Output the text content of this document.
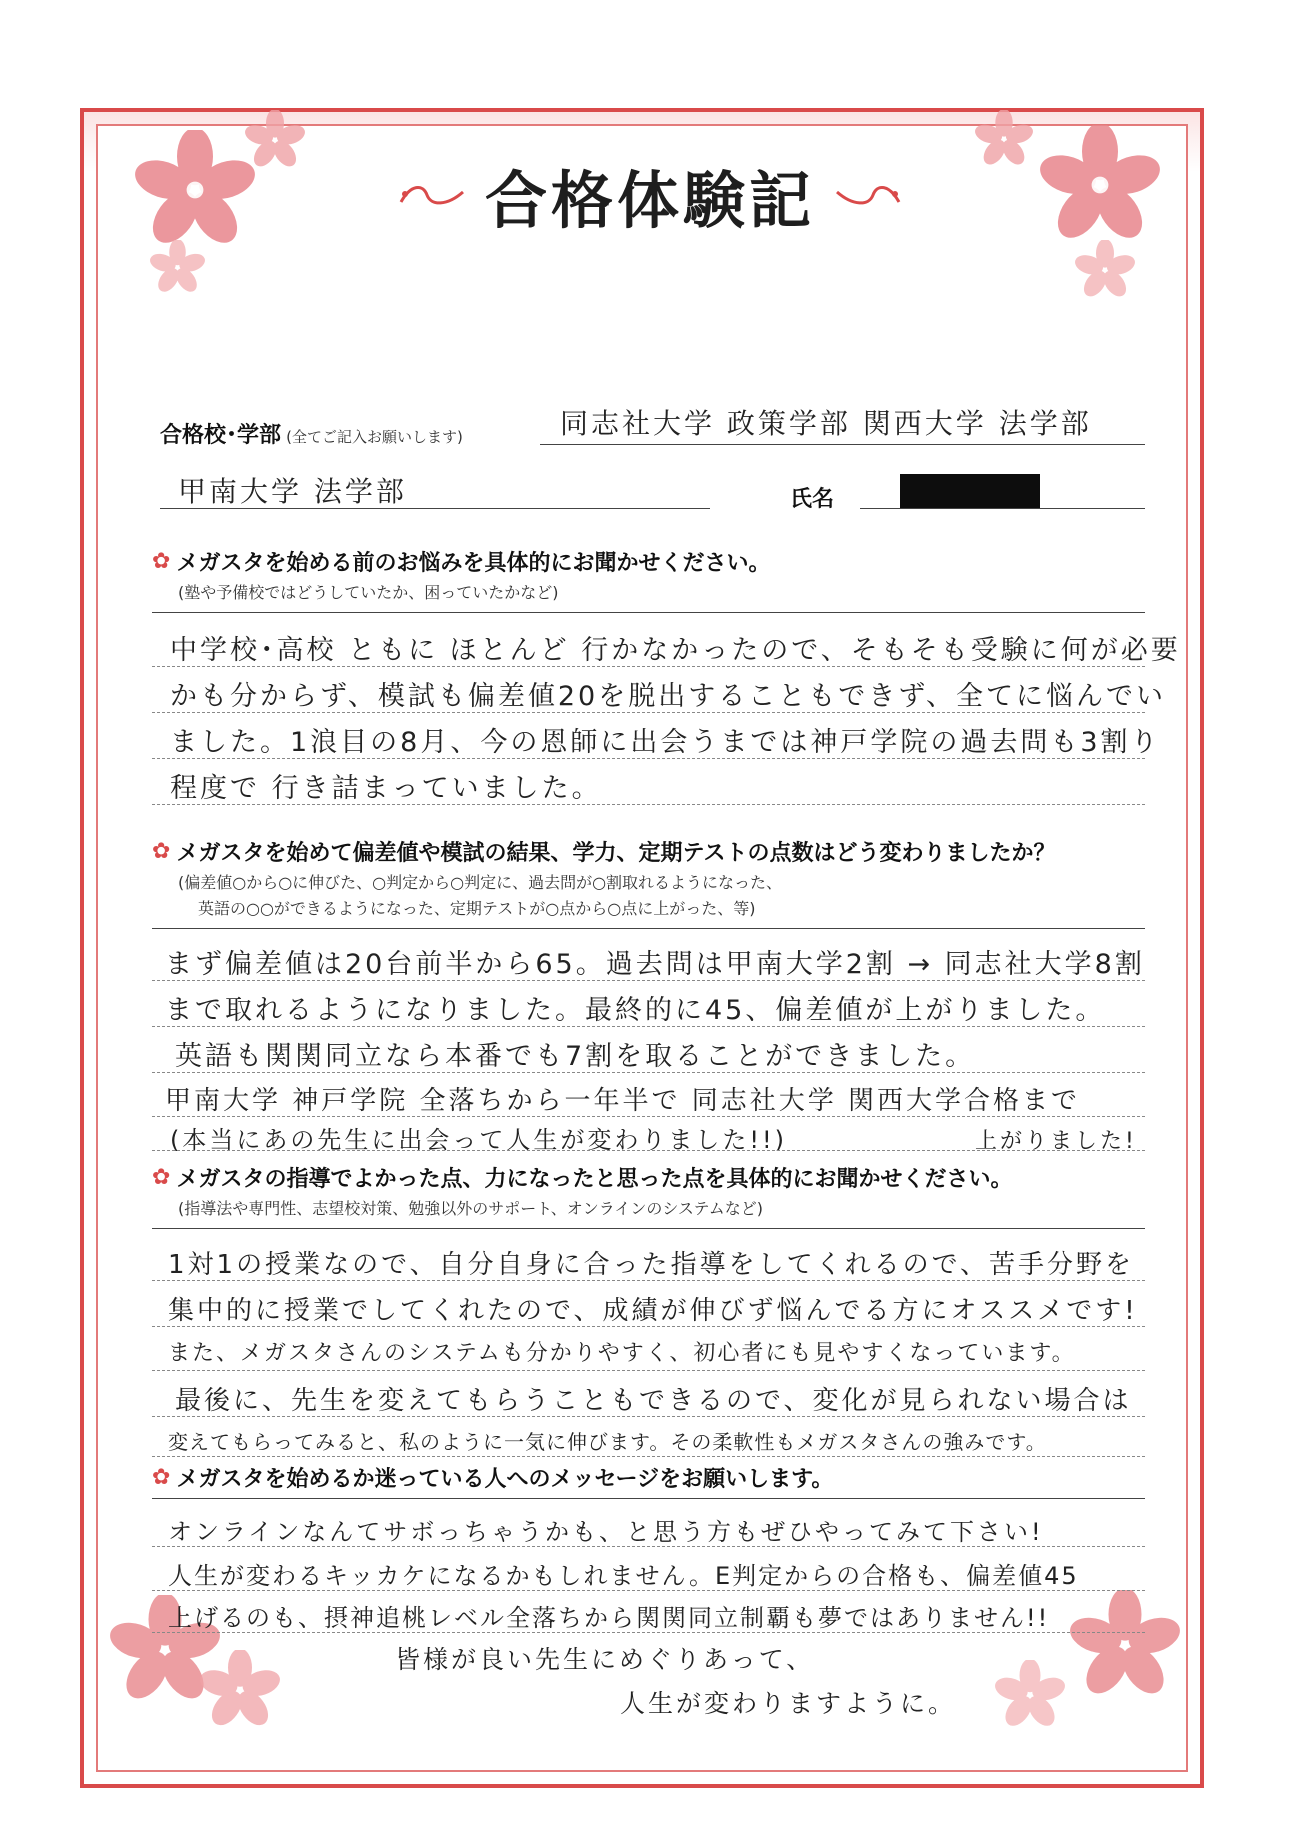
合格体験記
合格校･学部 (全てご記入お願いします)	同志社大学 政策学部 関西大学 法学部
甲南大学 法学部	氏名
✿ メガスタを始める前のお悩みを具体的にお聞かせください。
(塾や予備校ではどうしていたか、困っていたかなど)
中学校･高校 ともに ほとんど 行かなかったので、そもそも受験に何が必要
かも分からず、模試も偏差値20を脱出することもできず、全てに悩んでい
ました。1浪目の8月、今の恩師に出会うまでは神戸学院の過去問も3割り
程度で 行き詰まっていました。
✿ メガスタを始めて偏差値や模試の結果、学力、定期テストの点数はどう変わりましたか？
(偏差値○から○に伸びた、○判定から○判定に、過去問が○割取れるようになった、
英語の○○ができるようになった、定期テストが○点から○点に上がった、等)
まず偏差値は20台前半から65。過去問は甲南大学2割 → 同志社大学8割
まで取れるようになりました。最終的に45、偏差値が上がりました。
英語も関関同立なら本番でも7割を取ることができました。
甲南大学 神戸学院 全落ちから一年半で 同志社大学 関西大学合格まで
(本当にあの先生に出会って人生が変わりました!!)	上がりました!
✿ メガスタの指導でよかった点、力になったと思った点を具体的にお聞かせください。
(指導法や専門性、志望校対策、勉強以外のサポート、オンラインのシステムなど)
1対1の授業なので、自分自身に合った指導をしてくれるので、苦手分野を
集中的に授業でしてくれたので、成績が伸びず悩んでる方にオススメです!
また、メガスタさんのシステムも分かりやすく、初心者にも見やすくなっています。
最後に、先生を変えてもらうこともできるので、変化が見られない場合は
変えてもらってみると、私のように一気に伸びます。その柔軟性もメガスタさんの強みです。
✿ メガスタを始めるか迷っている人へのメッセージをお願いします。
オンラインなんてサボっちゃうかも、と思う方もぜひやってみて下さい!
人生が変わるキッカケになるかもしれません。E判定からの合格も、偏差値45
上げるのも、摂神追桃レベル全落ちから関関同立制覇も夢ではありません!!
皆様が良い先生にめぐりあって、
人生が変わりますように。
